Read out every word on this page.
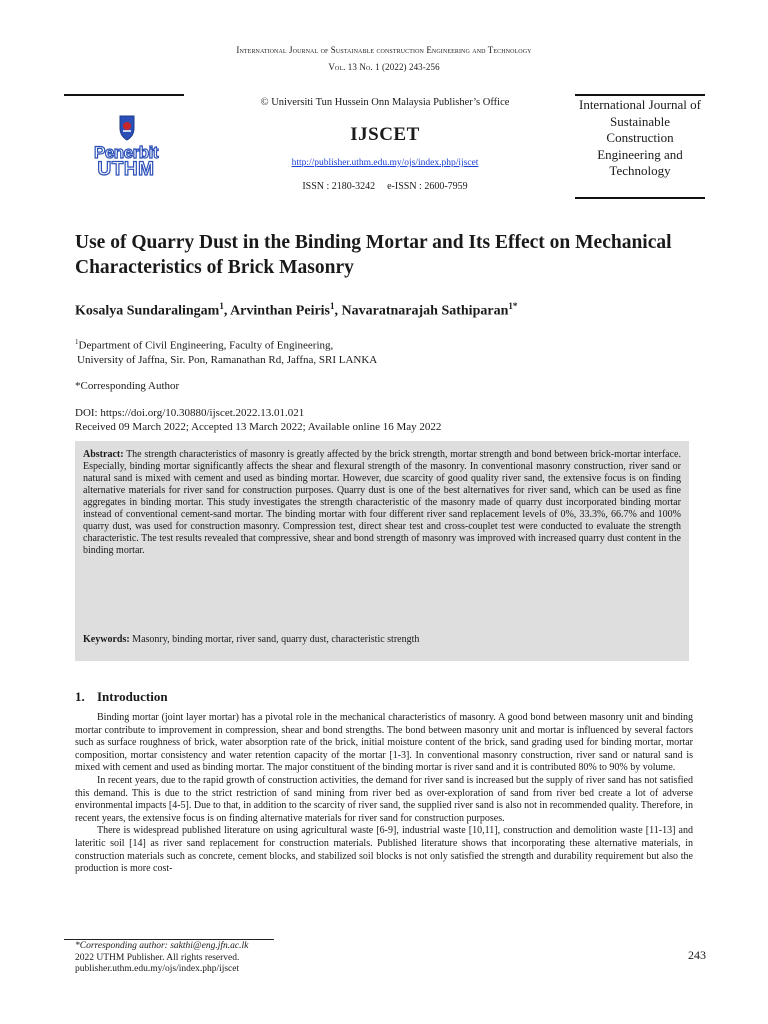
International Journal of Sustainable construction Engineering and Technology
Vol. 13 No. 1 (2022) 243-256
Penerbit
UTHM
© Universiti Tun Hussein Onn Malaysia Publisher’s Office
IJSCET
http://publisher.uthm.edu.my/ojs/index.php/ijscet
ISSN : 2180-3242 e-ISSN : 2600-7959
International Journal of Sustainable Construction Engineering and Technology
Use of Quarry Dust in the Binding Mortar and Its Effect on Mechanical Characteristics of Brick Masonry
Kosalya Sundaralingam$^1$, Arvinthan Peiris$^1$, Navaratnarajah Sathiparan$^{1*}$
$^1$Department of Civil Engineering, Faculty of Engineering,
University of Jaffna, Sir. Pon, Ramanathan Rd, Jaffna, SRI LANKA
*Corresponding Author
DOI: https://doi.org/10.30880/ijscet.2022.13.01.021
Received 09 March 2022; Accepted 13 March 2022; Available online 16 May 2022
Abstract: The strength characteristics of masonry is greatly affected by the brick strength, mortar strength and bond between brick-mortar interface. Especially, binding mortar significantly affects the shear and flexural strength of the masonry. In conventional masonry construction, river sand or natural sand is mixed with cement and used as binding mortar. However, due scarcity of good quality river sand, the extensive focus is on finding alternative materials for river sand for construction purposes. Quarry dust is one of the best alternatives for river sand, which can be used as fine aggregates in binding mortar. This study investigates the strength characteristic of the masonry made of quarry dust incorporated binding mortar instead of conventional cement-sand mortar. The binding mortar with four different river sand replacement levels of 0%, 33.3%, 66.7% and 100% quarry dust, was used for construction masonry. Compression test, direct shear test and cross-couplet test were conducted to evaluate the strength characteristic. The test results revealed that compressive, shear and bond strength of masonry was improved with increased quarry dust content in the binding mortar.
Keywords: Masonry, binding mortar, river sand, quarry dust, characteristic strength
1. Introduction

Binding mortar (joint layer mortar) has a pivotal role in the mechanical characteristics of masonry. A good bond between masonry unit and binding mortar contribute to improvement in compression, shear and bond strengths. The bond between masonry unit and mortar is influenced by several factors such as surface roughness of brick, water absorption rate of the brick, initial moisture content of the brick, sand grading used for binding mortar, mortar composition, mortar consistency and water retention capacity of the mortar [1-3]. In conventional masonry construction, river sand or natural sand is mixed with cement and used as binding mortar. The major constituent of the binding mortar is river sand and it is contributed 80% to 90% by volume.

In recent years, due to the rapid growth of construction activities, the demand for river sand is increased but the supply of river sand has not satisfied this demand. This is due to the strict restriction of sand mining from river bed as over-exploration of sand from river bed create a lot of adverse environmental impacts [4-5]. Due to that, in addition to the scarcity of river sand, the supplied river sand is also not in recommended quality. Therefore, in recent years, the extensive focus is on finding alternative materials for river sand for construction purposes.

There is widespread published literature on using agricultural waste [6-9], industrial waste [10,11], construction and demolition waste [11-13] and lateritic soil [14] as river sand replacement for construction materials. Published literature shows that incorporating these alternative materials, in construction materials such as concrete, cement blocks, and stabilized soil blocks is not only satisfied the strength and durability requirement but also the production is more cost-

*Corresponding author: sakthi@eng.jfn.ac.lk
2022 UTHM Publisher. All rights reserved.
publisher.uthm.edu.my/ojs/index.php/ijscet
243
